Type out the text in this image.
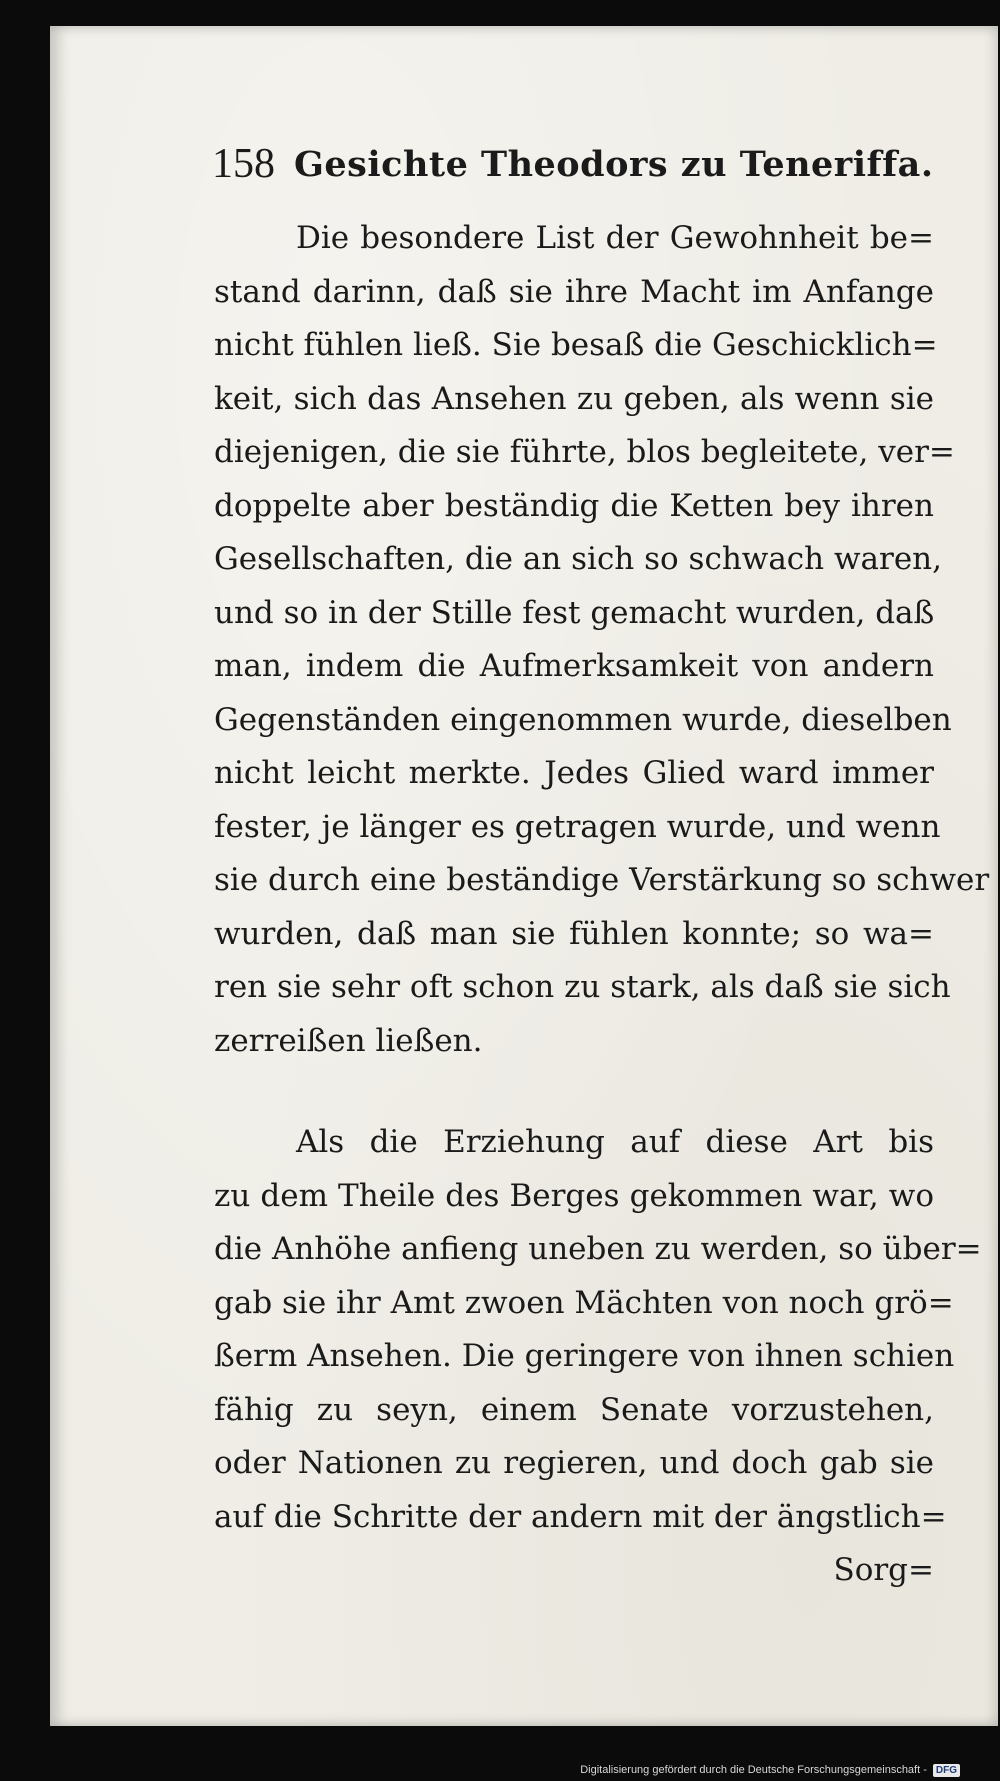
158 Gesichte Theodors zu Teneriffa.
Die besondere List der Gewohnheit be=
stand darinn, daß sie ihre Macht im Anfange
nicht fühlen ließ. Sie besaß die Geschicklich=
keit, sich das Ansehen zu geben, als wenn sie
diejenigen, die sie führte, blos begleitete, ver=
doppelte aber beständig die Ketten bey ihren
Gesellschaften, die an sich so schwach waren,
und so in der Stille fest gemacht wurden, daß
man, indem die Aufmerksamkeit von andern
Gegenständen eingenommen wurde, dieselben
nicht leicht merkte. Jedes Glied ward immer
fester, je länger es getragen wurde, und wenn
sie durch eine beständige Verstärkung so schwer
wurden, daß man sie fühlen konnte; so wa=
ren sie sehr oft schon zu stark, als daß sie sich
zerreißen ließen.
Als die Erziehung auf diese Art bis
zu dem Theile des Berges gekommen war, wo
die Anhöhe anfieng uneben zu werden, so über=
gab sie ihr Amt zwoen Mächten von noch grö=
ßerm Ansehen. Die geringere von ihnen schien
fähig zu seyn, einem Senate vorzustehen,
oder Nationen zu regieren, und doch gab sie
auf die Schritte der andern mit der ängstlich=
Sorg=
Digitalisierung gefördert durch die Deutsche Forschungsgemeinschaft - DFG
